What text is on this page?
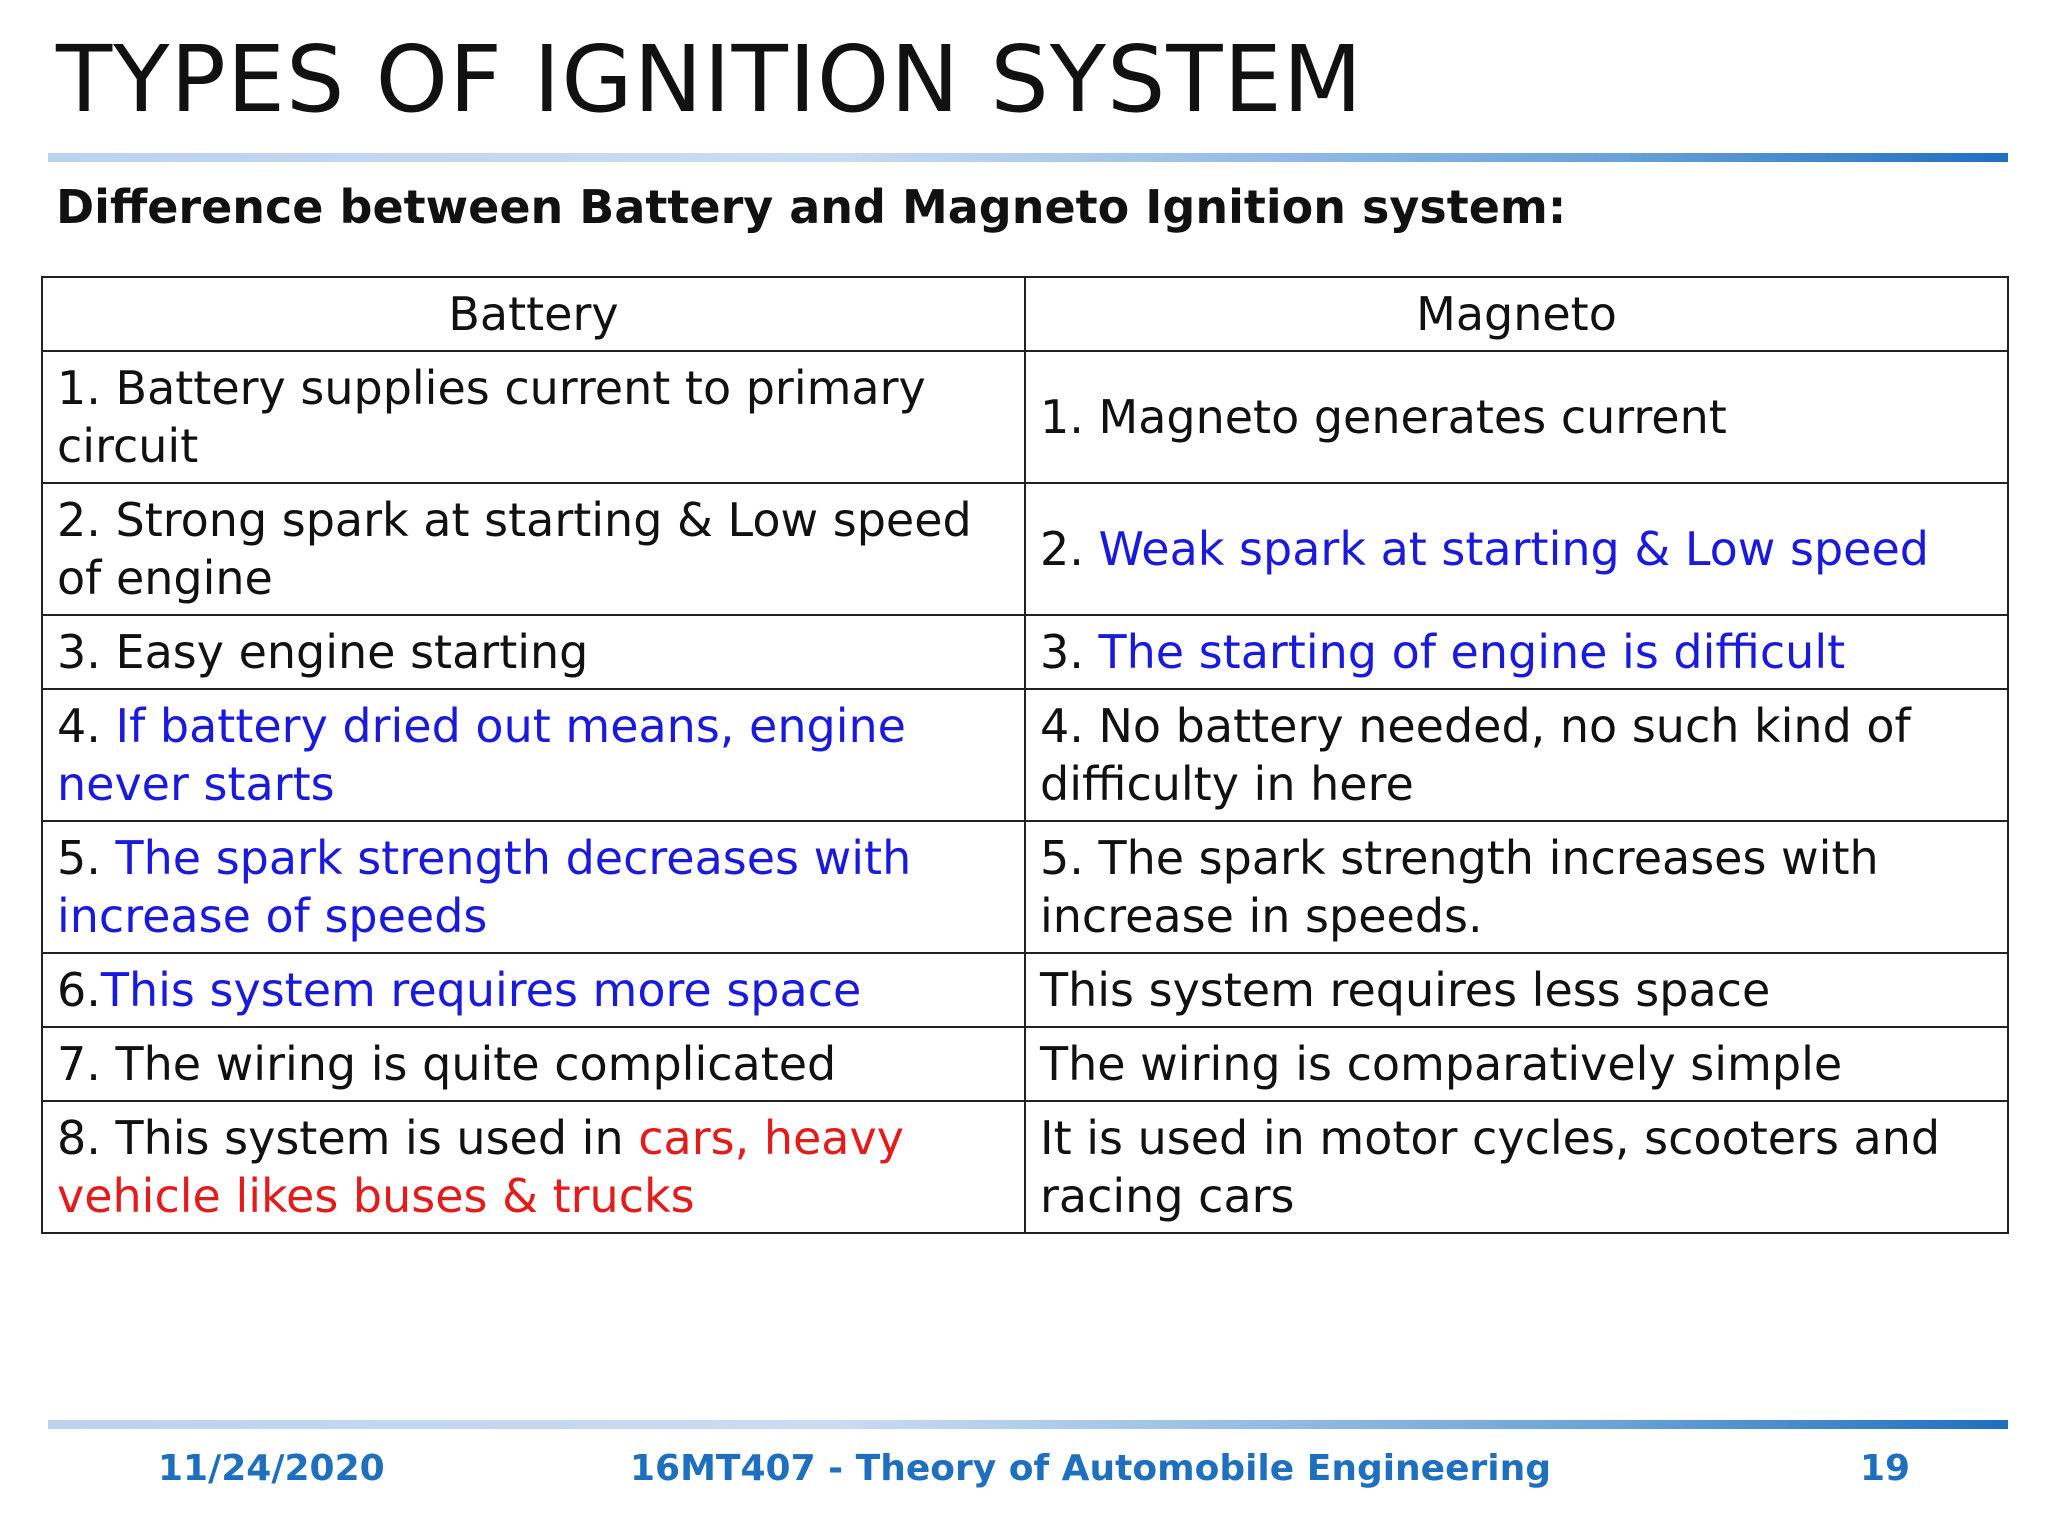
TYPES OF IGNITION SYSTEM
Difference between Battery and Magneto Ignition system:
Battery	Magneto
1. Battery supplies current to primary circuit	1. Magneto generates current
2. Strong spark at starting & Low speed of engine	2. Weak spark at starting & Low speed
3. Easy engine starting	3. The starting of engine is difficult
4. If battery dried out means, engine never starts	4. No battery needed, no such kind of difficulty in here
5. The spark strength decreases with increase of speeds	5. The spark strength increases with increase in speeds.
6.This system requires more space	This system requires less space
7. The wiring is quite complicated	The wiring is comparatively simple
8. This system is used in cars, heavy vehicle likes buses & trucks	It is used in motor cycles, scooters and racing cars
11/24/2020	16MT407 - Theory of Automobile Engineering	19
